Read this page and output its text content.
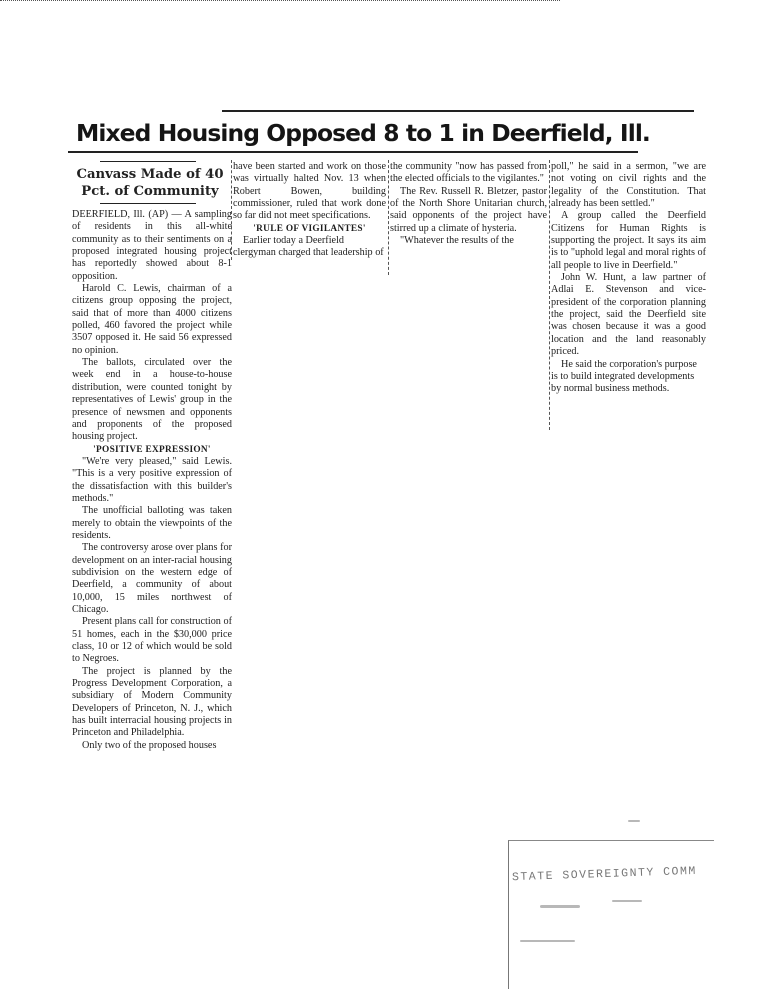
Mixed Housing Opposed 8 to 1 in Deerfield, Ill.
Canvass Made of 40 Pct. of Community

DEERFIELD, Ill. (AP) — A sampling of residents in this all-white community as to their sentiments on a proposed integrated housing project has reportedly showed about 8-1 opposition.

Harold C. Lewis, chairman of a citizens group opposing the project, said that of more than 4000 citizens polled, 460 favored the project while 3507 opposed it. He said 56 expressed no opinion.

The ballots, circulated over the week end in a house-to-house distribution, were counted tonight by representatives of Lewis' group in the presence of newsmen and opponents and proponents of the proposed housing project.

'POSITIVE EXPRESSION'

"We're very pleased," said Lewis. "This is a very positive expression of the dissatisfaction with this builder's methods."

The unofficial balloting was taken merely to obtain the viewpoints of the residents.

The controversy arose over plans for development on an inter-racial housing subdivision on the western edge of Deerfield, a community of about 10,000, 15 miles northwest of Chicago.

Present plans call for construction of 51 homes, each in the $30,000 price class, 10 or 12 of which would be sold to Negroes.

The project is planned by the Progress Development Corporation, a subsidiary of Modern Community Developers of Princeton, N. J., which has built interracial housing projects in Princeton and Philadelphia.

Only two of the proposed houses

have been started and work on those was virtually halted Nov. 13 when Robert Bowen, building commissioner, ruled that work done so far did not meet specifications.

'RULE OF VIGILANTES'

Earlier today a Deerfield clergyman charged that leadership of

the community "now has passed from the elected officials to the vigilantes."

The Rev. Russell R. Bletzer, pastor of the North Shore Unitarian church, said opponents of the project have stirred up a climate of hysteria.

"Whatever the results of the

poll," he said in a sermon, "we are not voting on civil rights and the legality of the Constitution. That already has been settled."

A group called the Deerfield Citizens for Human Rights is supporting the project. It says its aim is to "uphold legal and moral rights of all people to live in Deerfield."

John W. Hunt, a law partner of Adlai E. Stevenson and vice-president of the corporation planning the project, said the Deerfield site was chosen because it was a good location and the land reasonably priced.

He said the corporation's purpose is to build integrated developments by normal business methods.

STATE SOVEREIGNTY COMM
